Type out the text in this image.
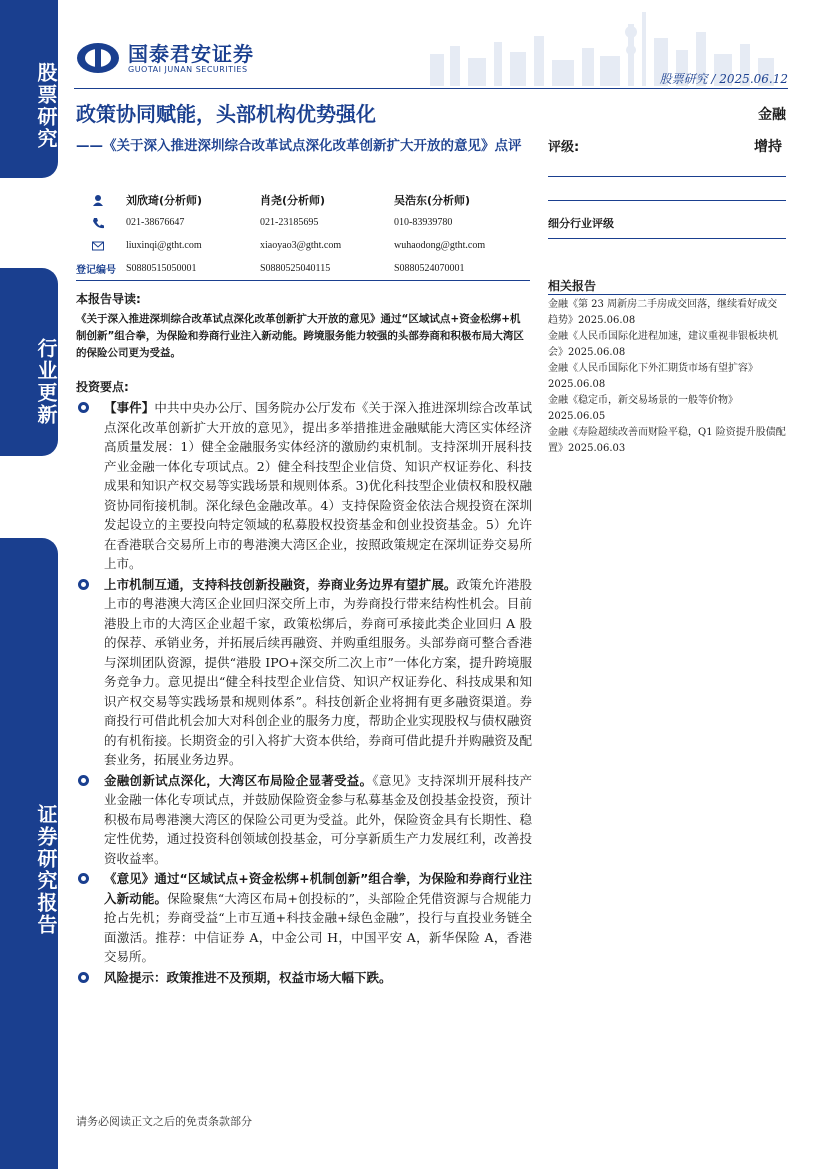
股票研究
行业更新
证券研究报告
国泰君安证券
GUOTAI JUNAN SECURITIES
股票研究 / 2025.06.12
政策协同赋能，头部机构优势强化
——《关于深入推进深圳综合改革试点深化改革创新扩大开放的意见》点评
刘欣琦(分析师)	肖尧(分析师)	吴浩东(分析师)
021-38676647	021-23185695	010-83939780
liuxinqi@gtht.com	xiaoyao3@gtht.com	wuhaodong@gtht.com
登记编号	S0880515050001	S0880525040115	S0880524070001
本报告导读:
《关于深入推进深圳综合改革试点深化改革创新扩大开放的意见》通过“区域试点+资金松绑+机制创新”组合拳，为保险和券商行业注入新动能。跨境服务能力较强的头部券商和积极布局大湾区的保险公司更为受益。
投资要点:
【事件】中共中央办公厅、国务院办公厅发布《关于深入推进深圳综合改革试点深化改革创新扩大开放的意见》，提出多举措推进金融赋能大湾区实体经济高质量发展：1）健全金融服务实体经济的激励约束机制。支持深圳开展科技产业金融一体化专项试点。2）健全科技型企业信贷、知识产权证券化、科技成果和知识产权交易等实践场景和规则体系。3)优化科技型企业债权和股权融资协同衔接机制。深化绿色金融改革。4）支持保险资金依法合规投资在深圳发起设立的主要投向特定领域的私募股权投资基金和创业投资基金。5）允许在香港联合交易所上市的粤港澳大湾区企业，按照政策规定在深圳证券交易所上市。
上市机制互通，支持科技创新投融资，券商业务边界有望扩展。政策允许港股上市的粤港澳大湾区企业回归深交所上市，为券商投行带来结构性机会。目前港股上市的大湾区企业超千家，政策松绑后，券商可承接此类企业回归 A 股的保荐、承销业务，并拓展后续再融资、并购重组服务。头部券商可整合香港与深圳团队资源，提供“港股 IPO+深交所二次上市”一体化方案，提升跨境服务竞争力。意见提出“健全科技型企业信贷、知识产权证券化、科技成果和知识产权交易等实践场景和规则体系”。科技创新企业将拥有更多融资渠道。券商投行可借此机会加大对科创企业的服务力度，帮助企业实现股权与债权融资的有机衔接。长期资金的引入将扩大资本供给，券商可借此提升并购融资及配套业务，拓展业务边界。
金融创新试点深化，大湾区布局险企显著受益。《意见》支持深圳开展科技产业金融一体化专项试点，并鼓励保险资金参与私募基金及创投基金投资，预计积极布局粤港澳大湾区的保险公司更为受益。此外，保险资金具有长期性、稳定性优势，通过投资科创领域创投基金，可分享新质生产力发展红利，改善投资收益率。
《意见》通过“区域试点+资金松绑+机制创新”组合拳，为保险和券商行业注入新动能。保险聚焦“大湾区布局+创投标的”，头部险企凭借资源与合规能力抢占先机；券商受益“上市互通+科技金融+绿色金融”，投行与直投业务链全面激活。推荐：中信证券 A，中金公司 H，中国平安 A，新华保险 A，香港交易所。
风险提示：政策推进不及预期，权益市场大幅下跌。
请务必阅读正文之后的免责条款部分
金融
评级:	增持
细分行业评级
相关报告
金融《第 23 周新房二手房成交回落，继续看好成交趋势》2025.06.08
金融《人民币国际化进程加速，建议重视非银板块机会》2025.06.08
金融《人民币国际化下外汇期货市场有望扩容》2025.06.08
金融《稳定币，新交易场景的一般等价物》2025.06.05
金融《寿险超续改善而财险平稳，Q1 险资提升股债配置》2025.06.03
